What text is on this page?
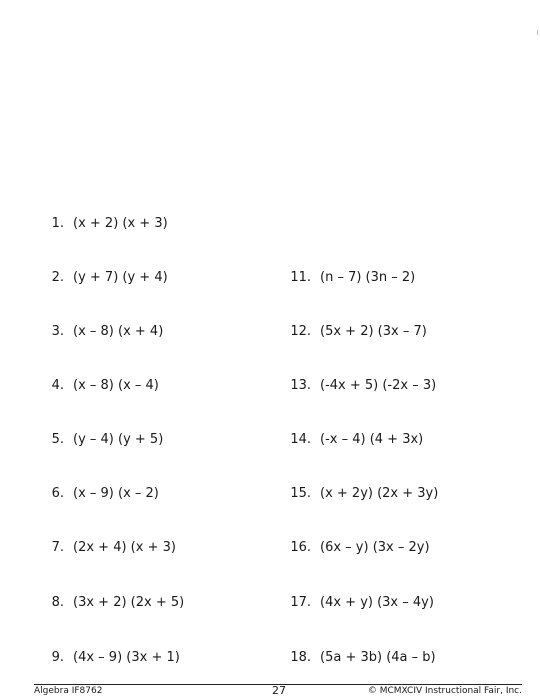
1. (x + 2) (x + 3)
2. (y + 7) (y + 4)
3. (x – 8) (x + 4)
4. (x – 8) (x – 4)
5. (y – 4) (y + 5)
6. (x – 9) (x – 2)
7. (2x + 4) (x + 3)
8. (3x + 2) (2x + 5)
9. (4x – 9) (3x + 1)
11. (n – 7) (3n – 2)
12. (5x + 2) (3x – 7)
13. (-4x + 5) (-2x – 3)
14. (-x – 4) (4 + 3x)
15. (x + 2y) (2x + 3y)
16. (6x – y) (3x – 2y)
17. (4x + y) (3x – 4y)
18. (5a + 3b) (4a – b)
Algebra IF8762	27	© MCMXCIV Instructional Fair, Inc.
